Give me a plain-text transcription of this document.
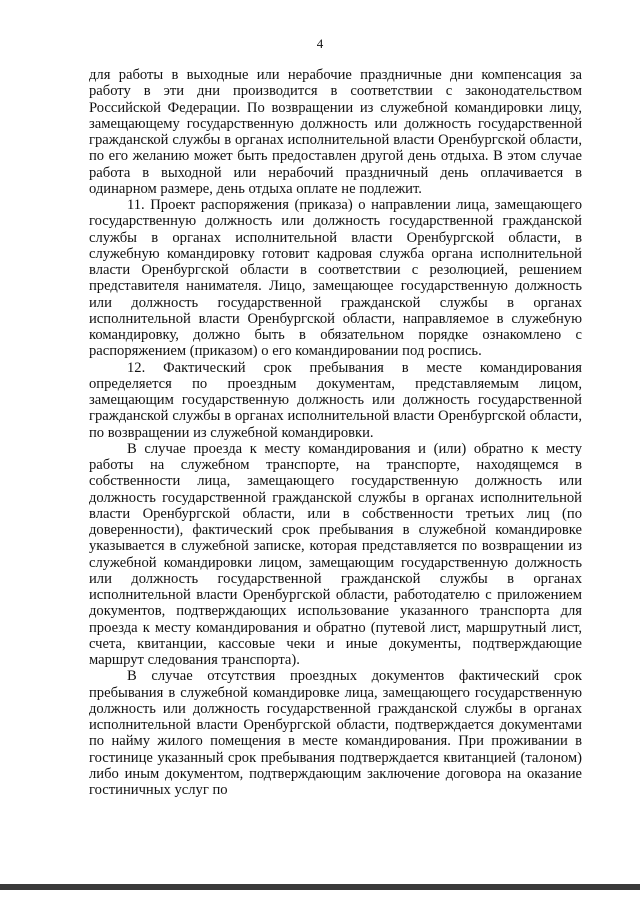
4

для работы в выходные или нерабочие праздничные дни компенсация за работу в эти дни производится в соответствии с законодательством Российской Федерации. По возвращении из служебной командировки лицу, замещающему государственную должность или должность государственной гражданской службы в органах исполнительной власти Оренбургской области, по его желанию может быть предоставлен другой день отдыха. В этом случае работа в выходной или нерабочий праздничный день оплачивается в одинарном размере, день отдыха оплате не подлежит.

11. Проект распоряжения (приказа) о направлении лица, замещающего государственную должность или должность государственной гражданской службы в органах исполнительной власти Оренбургской области, в служебную командировку готовит кадровая служба органа исполнительной власти Оренбургской области в соответствии с резолюцией, решением представителя нанимателя. Лицо, замещающее государственную должность или должность государственной гражданской службы в органах исполнительной власти Оренбургской области, направляемое в служебную командировку, должно быть в обязательном порядке ознакомлено с распоряжением (приказом) о его командировании под роспись.

12. Фактический срок пребывания в месте командирования определяется по проездным документам, представляемым лицом, замещающим государственную должность или должность государственной гражданской службы в органах исполнительной власти Оренбургской области, по возвращении из служебной командировки.

В случае проезда к месту командирования и (или) обратно к месту работы на служебном транспорте, на транспорте, находящемся в собственности лица, замещающего государственную должность или должность государственной гражданской службы в органах исполнительной власти Оренбургской области, или в собственности третьих лиц (по доверенности), фактический срок пребывания в служебной командировке указывается в служебной записке, которая представляется по возвращении из служебной командировки лицом, замещающим государственную должность или должность государственной гражданской службы в органах исполнительной власти Оренбургской области, работодателю с приложением документов, подтверждающих использование указанного транспорта для проезда к месту командирования и обратно (путевой лист, маршрутный лист, счета, квитанции, кассовые чеки и иные документы, подтверждающие маршрут следования транспорта).

В случае отсутствия проездных документов фактический срок пребывания в служебной командировке лица, замещающего государственную должность или должность государственной гражданской службы в органах исполнительной власти Оренбургской области, подтверждается документами по найму жилого помещения в месте командирования. При проживании в гостинице указанный срок пребывания подтверждается квитанцией (талоном) либо иным документом, подтверждающим заключение договора на оказание гостиничных услуг по
